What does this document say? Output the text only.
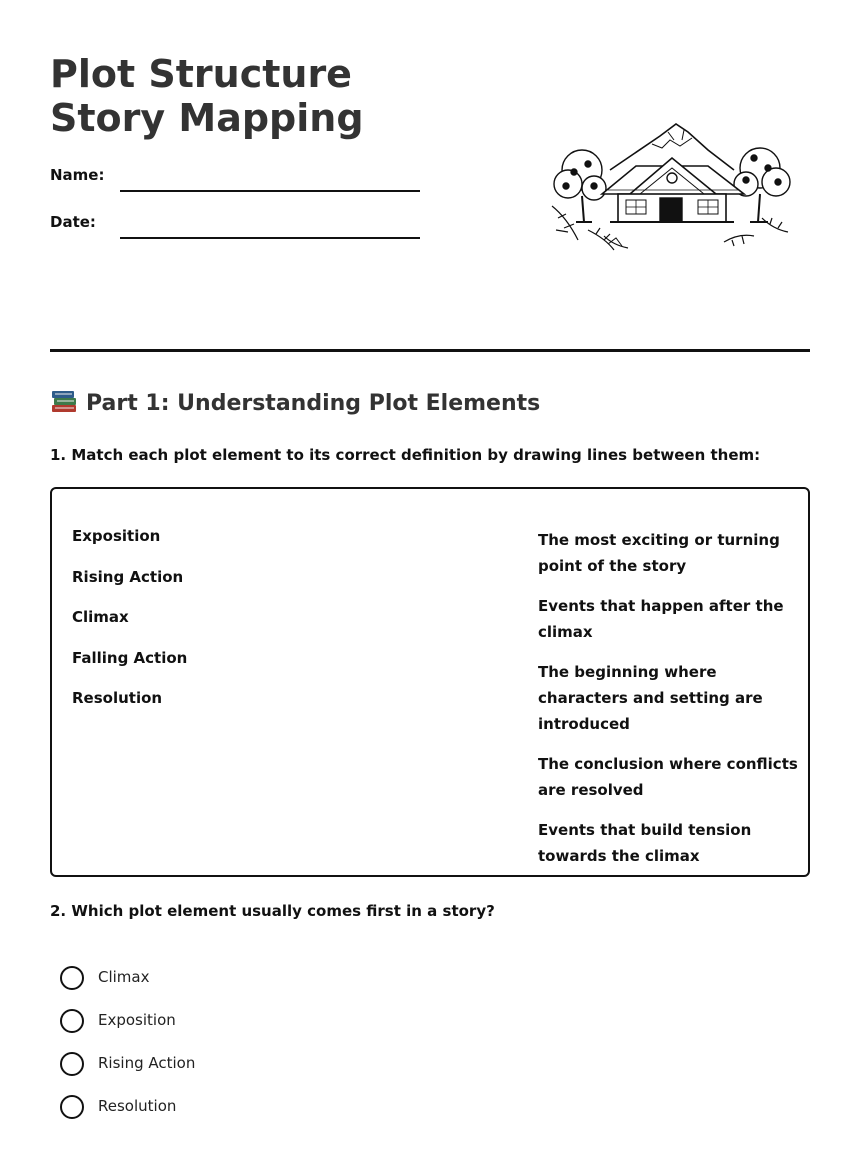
Plot Structure Story Mapping
Name:
Date:
Part 1: Understanding Plot Elements

1. Match each plot element to its correct definition by drawing lines between them:

Exposition
Rising Action
Climax
Falling Action
Resolution
The most exciting or turning point of the story
Events that happen after the climax
The beginning where characters and setting are introduced
The conclusion where conflicts are resolved
Events that build tension towards the climax

2. Which plot element usually comes first in a story?

Climax
Exposition
Rising Action
Resolution
